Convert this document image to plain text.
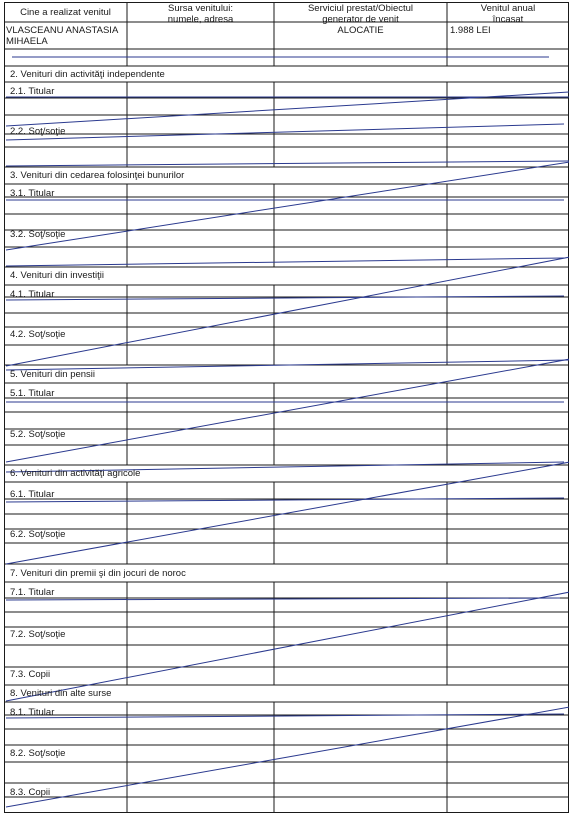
Cine a realizat venitul	Sursa venitului:
numele, adresa
Serviciul prestat/Obiectul
generator de venit
Venitul anual
încasat
VLASCEANU ANASTASIA
MIHAELA
ALOCATIE	1.988 LEI
2. Venituri din activităţi independente
3. Venituri din cedarea folosinţei bunurilor
4. Venituri din investiţii
5. Venituri din pensii
6. Venituri din activităţi agricole
7. Venituri din premii şi din jocuri de noroc
8. Venituri din alte surse
2.1. Titular
2.2. Soţ/soţie
3.1. Titular
3.2. Soţ/soţie
4.1. Titular
4.2. Soţ/soţie
5.1. Titular
5.2. Soţ/soţie
6.1. Titular
6.2. Soţ/soţie
7.1. Titular
7.2. Soţ/soţie
7.3. Copii
8.1. Titular
8.2. Soţ/soţie
8.3. Copii
